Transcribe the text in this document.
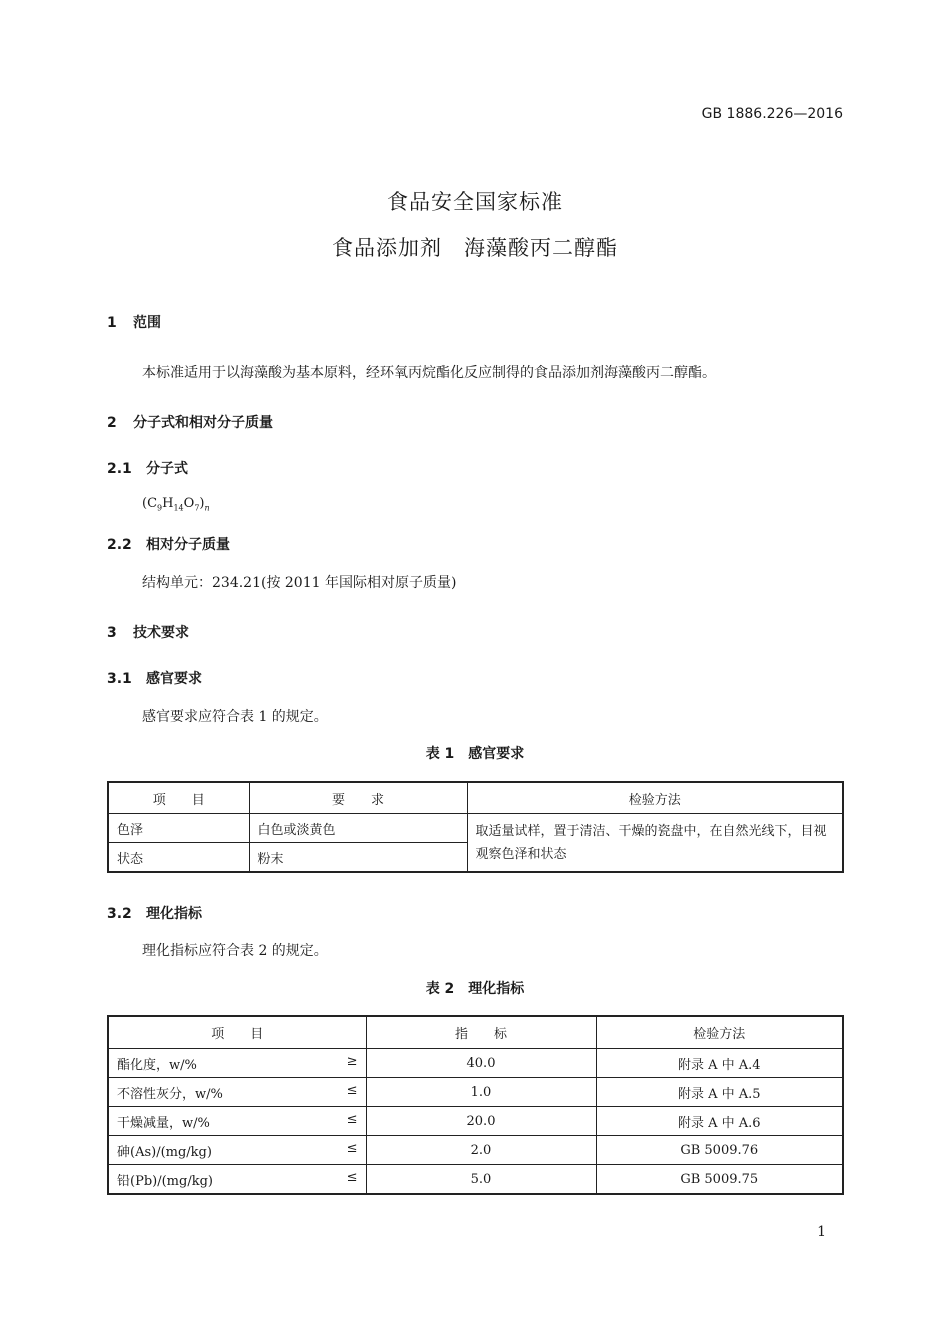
GB 1886.226—2016
食品安全国家标准
食品添加剂　海藻酸丙二醇酯
1 范围
本标准适用于以海藻酸为基本原料，经环氧丙烷酯化反应制得的食品添加剂海藻酸丙二醇酯。
2 分子式和相对分子质量
2.1 分子式
$(C_9H_{14}O_7)_n$
2.2 相对分子质量
结构单元：234.21(按 2011 年国际相对原子质量)
3 技术要求
3.1 感官要求
感官要求应符合表 1 的规定。
表 1　感官要求
项　　目	要　　求	检验方法
色泽	白色或淡黄色	取适量试样，置于清洁、干燥的瓷盘中，在自然光线下，目视观察色泽和状态
状态	粉末	
3.2 理化指标
理化指标应符合表 2 的规定。
表 2　理化指标
项　　目	指　　标	检验方法
酯化度，w/% ≥	40.0	附录 A 中 A.4
不溶性灰分，w/% ≤	1.0	附录 A 中 A.5
干燥减量，w/% ≤	20.0	附录 A 中 A.6
砷(As)/(mg/kg) ≤	2.0	GB 5009.76
铅(Pb)/(mg/kg) ≤	5.0	GB 5009.75
1
